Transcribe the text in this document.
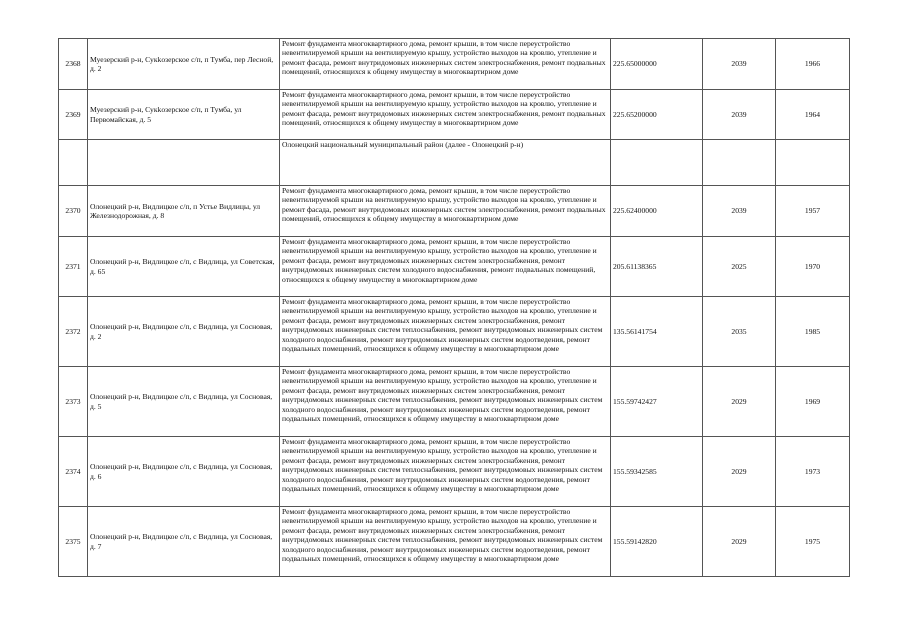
2368	Муезерский р-н, Сукkoзерское с/п, п Тумба, пер Лесной, д. 2	Ремонт фундамента многоквартирного дома, ремонт крыши, в том числе переустройство невентилируемой крыши на вентилируемую крышу, устройство выходов на кровлю, утепление и ремонт фасада, ремонт внутридомовых инженерных систем электроснабжения, ремонт подвальных помещений, относящихся к общему имуществу в многоквартирном доме	225.65000000	2039	1966
2369	Муезерский р-н, Сукkoзерское с/п, п Тумба, ул Первомайская, д. 5	Ремонт фундамента многоквартирного дома, ремонт крыши, в том числе переустройство невентилируемой крыши на вентилируемую крышу, устройство выходов на кровлю, утепление и ремонт фасада, ремонт внутридомовых инженерных систем электроснабжения, ремонт подвальных помещений, относящихся к общему имуществу в многоквартирном доме	225.65200000	2039	1964
		Олонецкий национальный муниципальный район (далее - Олонецкий р-н)			
2370	Олонецкий р-н, Видлицкое с/п, п Устье Видлицы, ул Железнодорожная, д. 8	Ремонт фундамента многоквартирного дома, ремонт крыши, в том числе переустройство невентилируемой крыши на вентилируемую крышу, устройство выходов на кровлю, утепление и ремонт фасада, ремонт внутридомовых инженерных систем электроснабжения, ремонт подвальных помещений, относящихся к общему имуществу в многоквартирном доме	225.62400000	2039	1957
2371	Олонецкий р-н, Видлицкое с/п, с Видлица, ул Советская, д. 65	Ремонт фундамента многоквартирного дома, ремонт крыши, в том числе переустройство невентилируемой крыши на вентилируемую крышу, устройство выходов на кровлю, утепление и ремонт фасада, ремонт внутридомовых инженерных систем электроснабжения, ремонт внутридомовых инженерных систем холодного водоснабжения, ремонт подвальных помещений, относящихся к общему имуществу в многоквартирном доме	205.61138365	2025	1970
2372	Олонецкий р-н, Видлицкое с/п, с Видлица, ул Сосновая, д. 2	Ремонт фундамента многоквартирного дома, ремонт крыши, в том числе переустройство невентилируемой крыши на вентилируемую крышу, устройство выходов на кровлю, утепление и ремонт фасада, ремонт внутридомовых инженерных систем электроснабжения, ремонт внутридомовых инженерных систем теплоснабжения, ремонт внутридомовых инженерных систем холодного водоснабжения, ремонт внутридомовых инженерных систем водоотведения, ремонт подвальных помещений, относящихся к общему имуществу в многоквартирном доме	135.56141754	2035	1985
2373	Олонецкий р-н, Видлицкое с/п, с Видлица, ул Сосновая, д. 5	Ремонт фундамента многоквартирного дома, ремонт крыши, в том числе переустройство невентилируемой крыши на вентилируемую крышу, устройство выходов на кровлю, утепление и ремонт фасада, ремонт внутридомовых инженерных систем электроснабжения, ремонт внутридомовых инженерных систем теплоснабжения, ремонт внутридомовых инженерных систем холодного водоснабжения, ремонт внутридомовых инженерных систем водоотведения, ремонт подвальных помещений, относящихся к общему имуществу в многоквартирном доме	155.59742427	2029	1969
2374	Олонецкий р-н, Видлицкое с/п, с Видлица, ул Сосновая, д. 6	Ремонт фундамента многоквартирного дома, ремонт крыши, в том числе переустройство невентилируемой крыши на вентилируемую крышу, устройство выходов на кровлю, утепление и ремонт фасада, ремонт внутридомовых инженерных систем электроснабжения, ремонт внутридомовых инженерных систем теплоснабжения, ремонт внутридомовых инженерных систем холодного водоснабжения, ремонт внутридомовых инженерных систем водоотведения, ремонт подвальных помещений, относящихся к общему имуществу в многоквартирном доме	155.59342585	2029	1973
2375	Олонецкий р-н, Видлицкое с/п, с Видлица, ул Сосновая, д. 7	Ремонт фундамента многоквартирного дома, ремонт крыши, в том числе переустройство невентилируемой крыши на вентилируемую крышу, устройство выходов на кровлю, утепление и ремонт фасада, ремонт внутридомовых инженерных систем электроснабжения, ремонт внутридомовых инженерных систем теплоснабжения, ремонт внутридомовых инженерных систем холодного водоснабжения, ремонт внутридомовых инженерных систем водоотведения, ремонт подвальных помещений, относящихся к общему имуществу в многоквартирном доме	155.59142820	2029	1975
